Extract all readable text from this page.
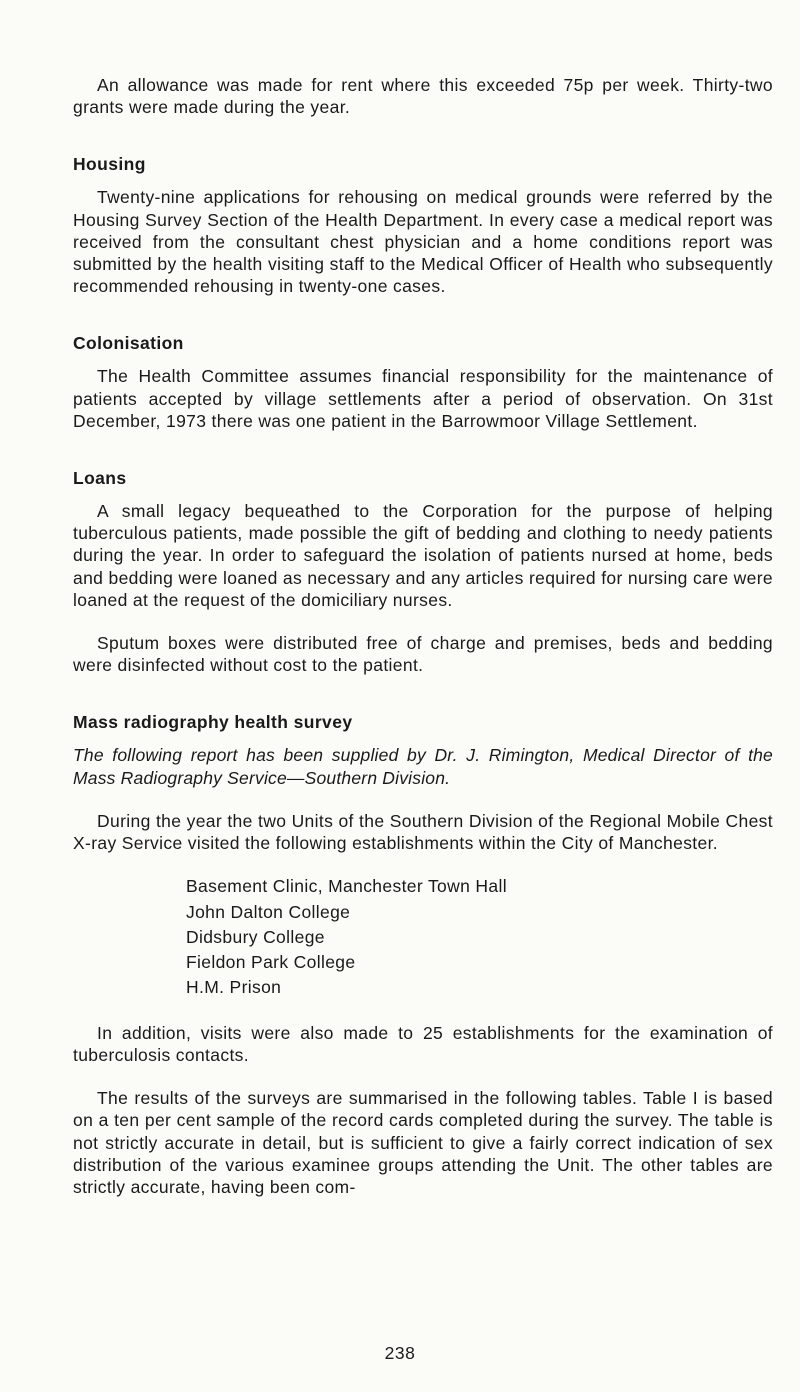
An allowance was made for rent where this exceeded 75p per week. Thirty-two grants were made during the year.

Housing

Twenty-nine applications for rehousing on medical grounds were referred by the Housing Survey Section of the Health Department. In every case a medical report was received from the consultant chest physician and a home conditions report was submitted by the health visiting staff to the Medical Officer of Health who subsequently recommended rehousing in twenty-one cases.

Colonisation

The Health Committee assumes financial responsibility for the maintenance of patients accepted by village settlements after a period of observation. On 31st December, 1973 there was one patient in the Barrowmoor Village Settlement.

Loans

A small legacy bequeathed to the Corporation for the purpose of helping tuberculous patients, made possible the gift of bedding and clothing to needy patients during the year. In order to safeguard the isolation of patients nursed at home, beds and bedding were loaned as necessary and any articles required for nursing care were loaned at the request of the domiciliary nurses.

Sputum boxes were distributed free of charge and premises, beds and bedding were disinfected without cost to the patient.

Mass radiography health survey

The following report has been supplied by Dr. J. Rimington, Medical Director of the Mass Radiography Service—Southern Division.

During the year the two Units of the Southern Division of the Regional Mobile Chest X-ray Service visited the following establishments within the City of Manchester.

Basement Clinic, Manchester Town Hall
John Dalton College
Didsbury College
Fieldon Park College
H.M. Prison

In addition, visits were also made to 25 establishments for the examination of tuberculosis contacts.

The results of the surveys are summarised in the following tables. Table I is based on a ten per cent sample of the record cards completed during the survey. The table is not strictly accurate in detail, but is sufficient to give a fairly correct indication of sex distribution of the various examinee groups attending the Unit. The other tables are strictly accurate, having been com-

238
